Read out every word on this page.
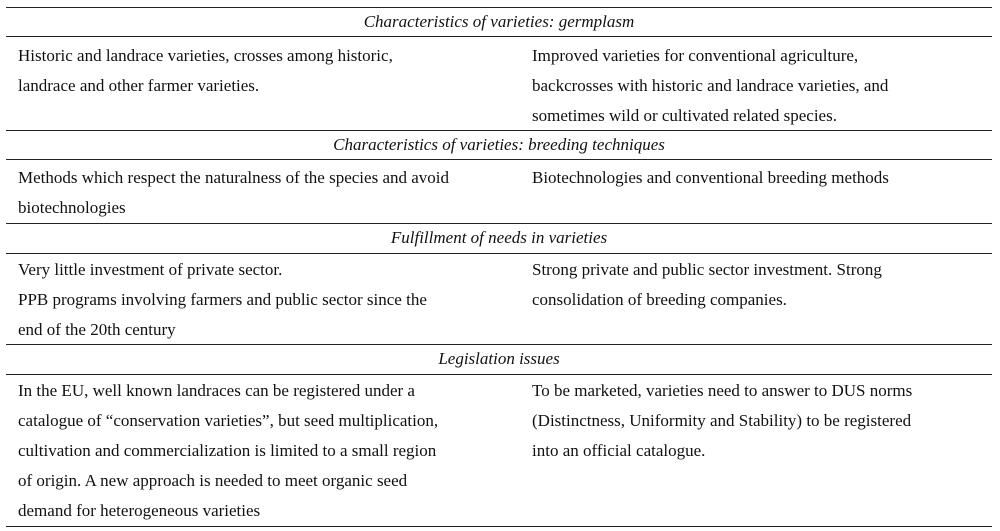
Characteristics of varieties: germplasm
Historic and landrace varieties, crosses among historic,
landrace and other farmer varieties.
Improved varieties for conventional agriculture,
backcrosses with historic and landrace varieties, and
sometimes wild or cultivated related species.
Characteristics of varieties: breeding techniques
Methods which respect the naturalness of the species and avoid
biotechnologies
Biotechnologies and conventional breeding methods
Fulfillment of needs in varieties
Very little investment of private sector.
PPB programs involving farmers and public sector since the
end of the 20th century
Strong private and public sector investment. Strong
consolidation of breeding companies.
Legislation issues
In the EU, well known landraces can be registered under a
catalogue of “conservation varieties”, but seed multiplication,
cultivation and commercialization is limited to a small region
of origin. A new approach is needed to meet organic seed
demand for heterogeneous varieties
To be marketed, varieties need to answer to DUS norms
(Distinctness, Uniformity and Stability) to be registered
into an official catalogue.
